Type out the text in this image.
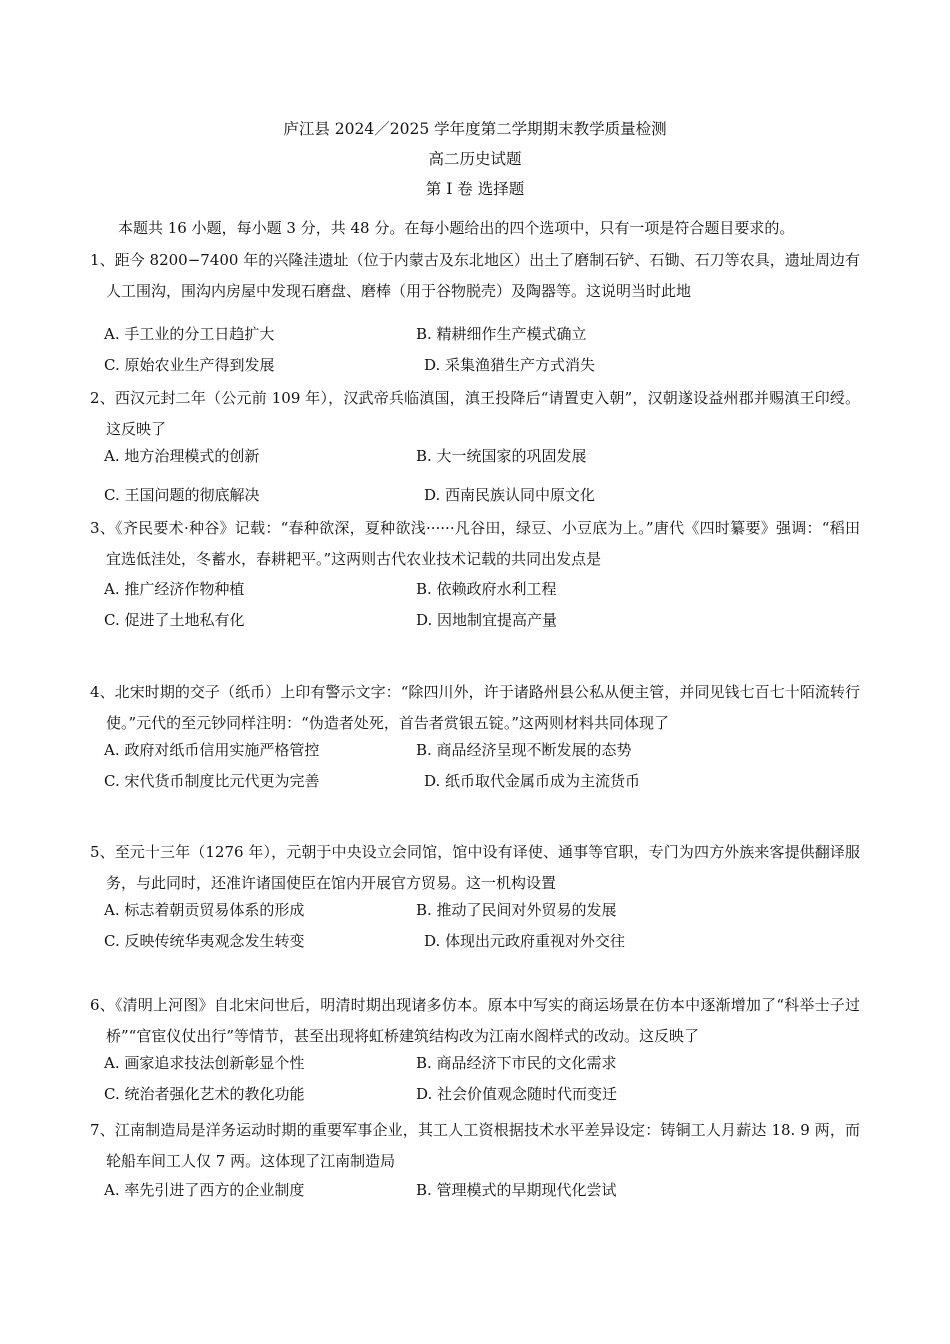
庐江县 2024／2025 学年度第二学期期末教学质量检测
高二历史试题
第 I 卷 选择题
本题共 16 小题，每小题 3 分，共 48 分。在每小题给出的四个选项中，只有一项是符合题目要求的。
1、距今 8200−7400 年的兴隆洼遗址（位于内蒙古及东北地区）出土了磨制石铲、石锄、石刀等农具，遗址周边有人工围沟，围沟内房屋中发现石磨盘、磨棒（用于谷物脱壳）及陶器等。这说明当时此地
A. 手工业的分工日趋扩大	B. 精耕细作生产模式确立
C. 原始农业生产得到发展	D. 采集渔猎生产方式消失
2、西汉元封二年（公元前 109 年），汉武帝兵临滇国，滇王投降后“请置吏入朝”，汉朝遂设益州郡并赐滇王印绶。这反映了
A. 地方治理模式的创新	B. 大一统国家的巩固发展
C. 王国问题的彻底解决	D. 西南民族认同中原文化
3、《齐民要术·种谷》记载：“春种欲深，夏种欲浅······凡谷田，绿豆、小豆底为上。”唐代《四时纂要》强调：“稻田宜选低洼处，冬蓄水，春耕耙平。”这两则古代农业技术记载的共同出发点是
A. 推广经济作物种植	B. 依赖政府水利工程
C. 促进了土地私有化	D. 因地制宜提高产量
4、北宋时期的交子（纸币）上印有警示文字：“除四川外，许于诸路州县公私从便主管，并同见钱七百七十陌流转行使。”元代的至元钞同样注明：“伪造者处死，首告者赏银五锭。”这两则材料共同体现了
A. 政府对纸币信用实施严格管控	B. 商品经济呈现不断发展的态势
C. 宋代货币制度比元代更为完善	D. 纸币取代金属币成为主流货币
5、至元十三年（1276 年），元朝于中央设立会同馆，馆中设有译使、通事等官职，专门为四方外族来客提供翻译服务，与此同时，还准许诸国使臣在馆内开展官方贸易。这一机构设置
A. 标志着朝贡贸易体系的形成	B. 推动了民间对外贸易的发展
C. 反映传统华夷观念发生转变	D. 体现出元政府重视对外交往
6、《清明上河图》自北宋问世后，明清时期出现诸多仿本。原本中写实的商运场景在仿本中逐渐增加了“科举士子过桥”“官宦仪仗出行”等情节，甚至出现将虹桥建筑结构改为江南水阁样式的改动。这反映了
A. 画家追求技法创新彰显个性	B. 商品经济下市民的文化需求
C. 统治者强化艺术的教化功能	D. 社会价值观念随时代而变迁
7、江南制造局是洋务运动时期的重要军事企业，其工人工资根据技术水平差异设定：铸铜工人月薪达 18. 9 两，而轮船车间工人仅 7 两。这体现了江南制造局
A. 率先引进了西方的企业制度	B. 管理模式的早期现代化尝试
